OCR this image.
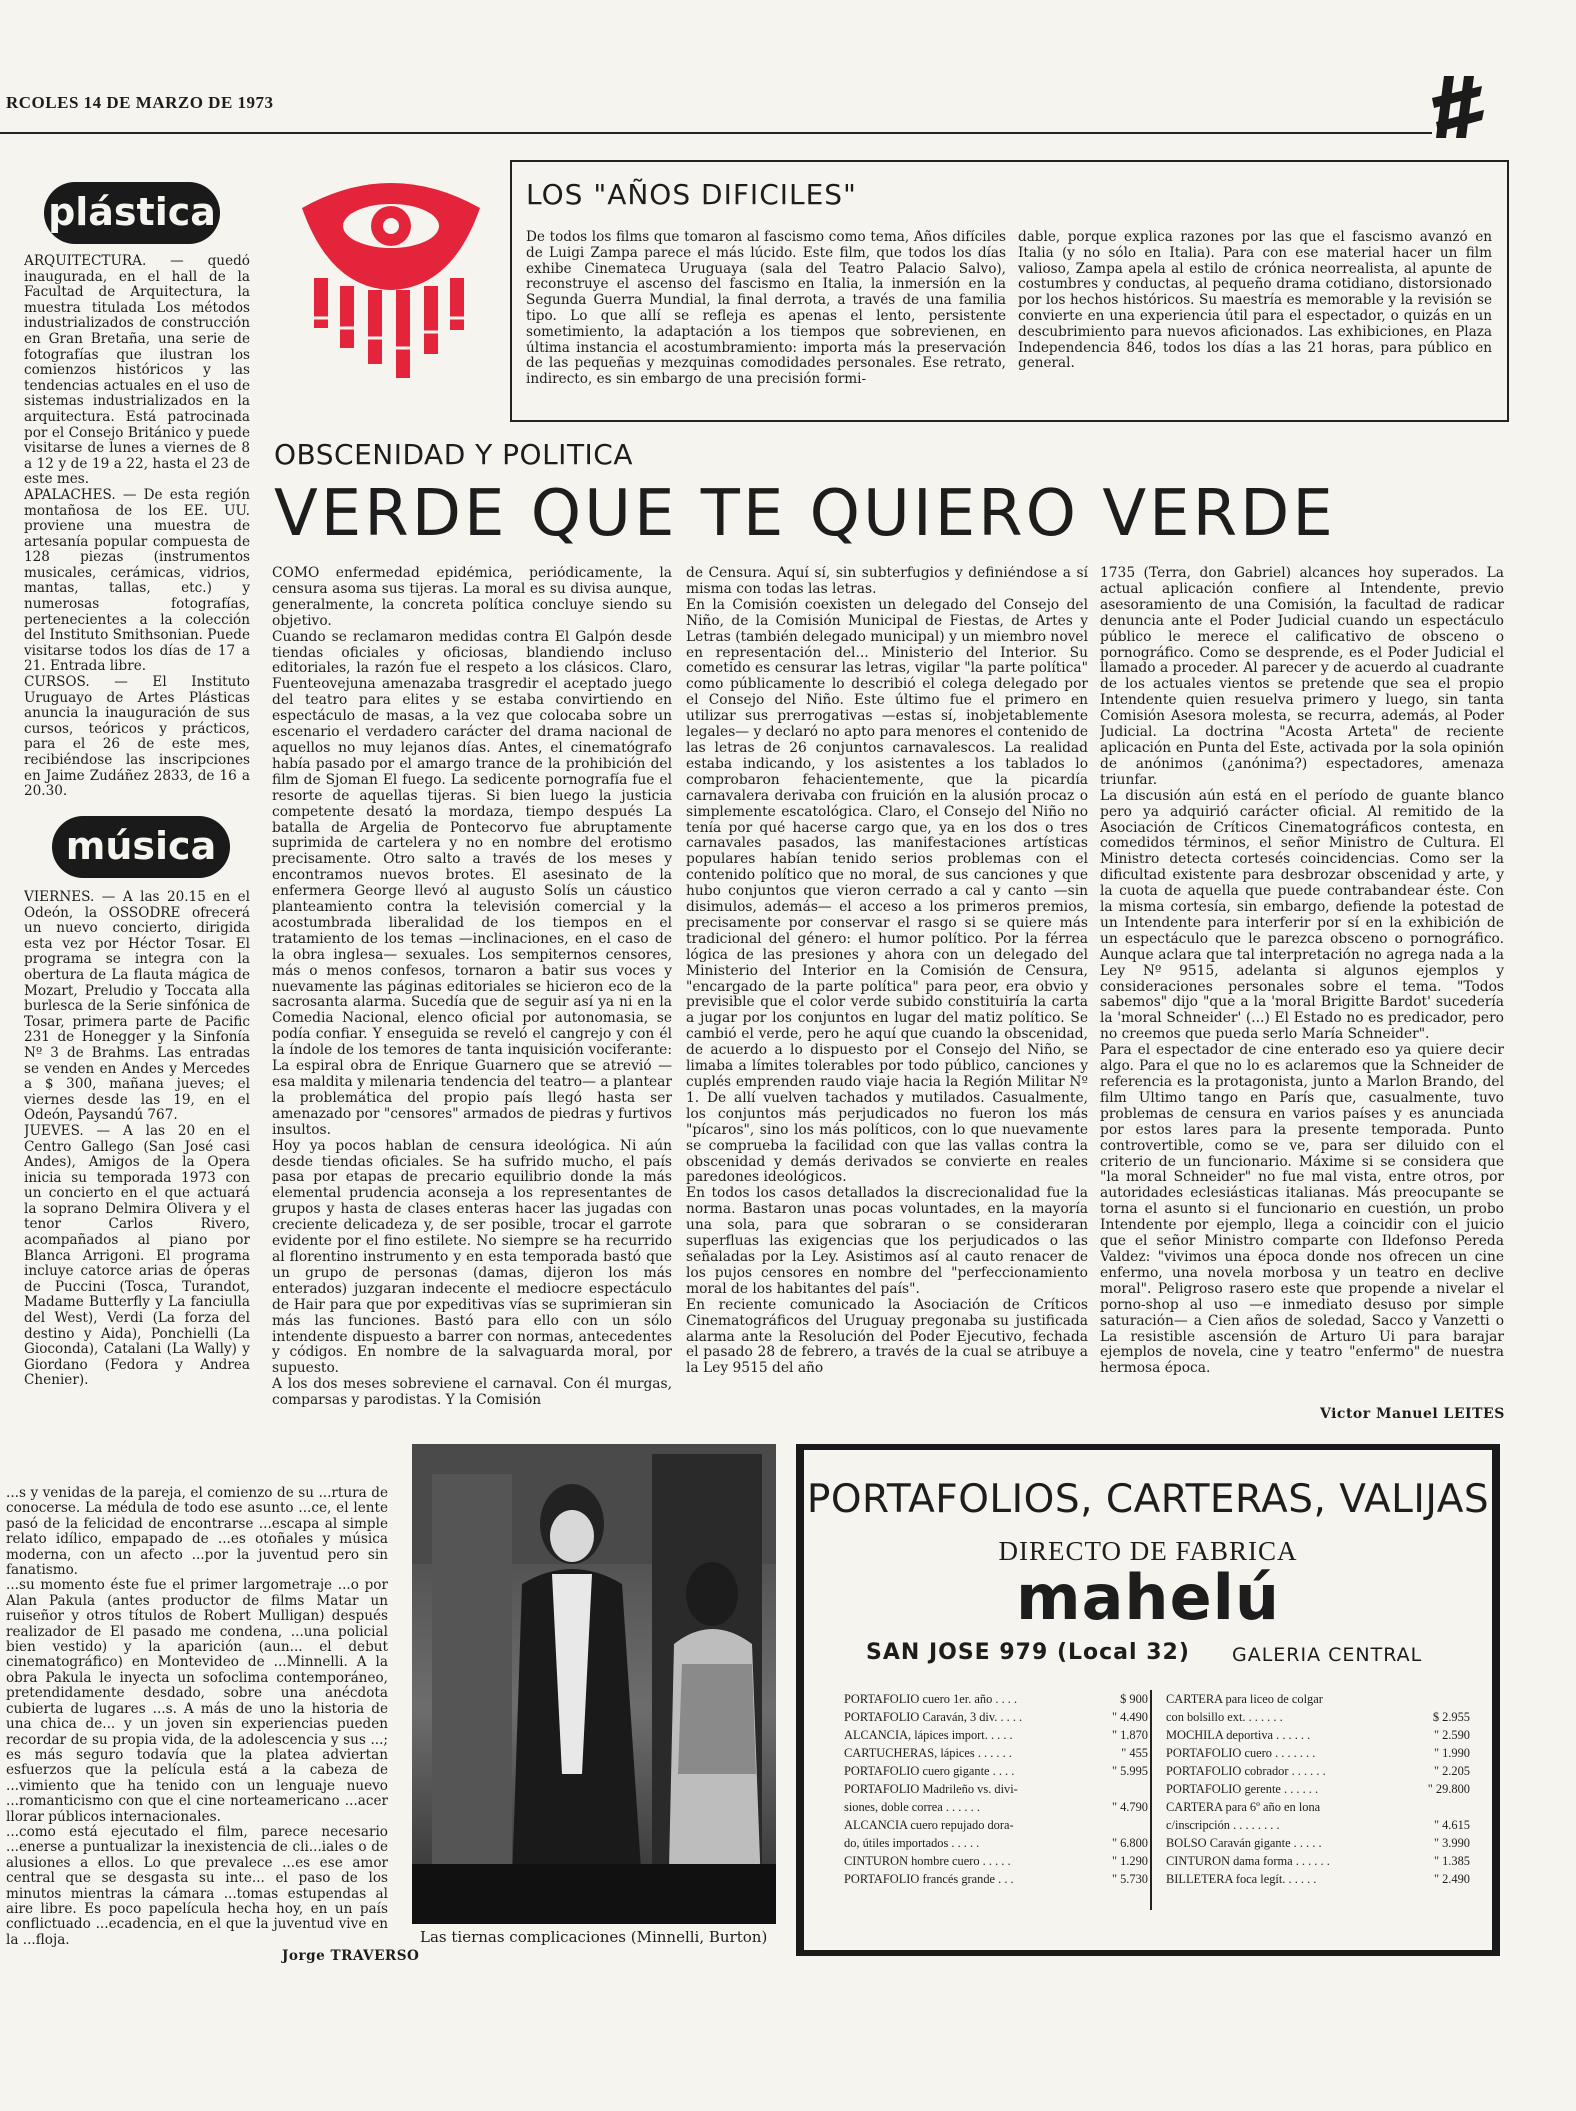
RCOLES 14 DE MARZO DE 1973
plástica
ARQUITECTURA. — quedó inaugurada, en el hall de la Facultad de Arquitectura, la muestra titulada Los métodos industrializados de construcción en Gran Bretaña, una serie de fotografías que ilustran los comienzos históricos y las tendencias actuales en el uso de sistemas industrializados en la arquitectura. Está patrocinada por el Consejo Británico y puede visitarse de lunes a viernes de 8 a 12 y de 19 a 22, hasta el 23 de este mes.
APALACHES. — De esta región montañosa de los EE. UU. proviene una muestra de artesanía popular compuesta de 128 piezas (instrumentos musicales, cerámicas, vidrios, mantas, tallas, etc.) y numerosas fotografías, pertenecientes a la colección del Instituto Smithsonian. Puede visitarse todos los días de 17 a 21. Entrada libre.
CURSOS. — El Instituto Uruguayo de Artes Plásticas anuncia la inauguración de sus cursos, teóricos y prácticos, para el 26 de este mes, recibiéndose las inscripciones en Jaime Zudáñez 2833, de 16 a 20.30.
música
VIERNES. — A las 20.15 en el Odeón, la OSSODRE ofrecerá un nuevo concierto, dirigida esta vez por Héctor Tosar. El programa se integra con la obertura de La flauta mágica de Mozart, Preludio y Toccata alla burlesca de la Serie sinfónica de Tosar, primera parte de Pacific 231 de Honegger y la Sinfonía Nº 3 de Brahms. Las entradas se venden en Andes y Mercedes a $ 300, mañana jueves; el viernes desde las 19, en el Odeón, Paysandú 767.
JUEVES. — A las 20 en el Centro Gallego (San José casi Andes), Amigos de la Opera inicia su temporada 1973 con un concierto en el que actuará la soprano Delmira Olivera y el tenor Carlos Rivero, acompañados al piano por Blanca Arrigoni. El programa incluye catorce arias de óperas de Puccini (Tosca, Turandot, Madame Butterfly y La fanciulla del West), Verdi (La forza del destino y Aida), Ponchielli (La Gioconda), Catalani (La Wally) y Giordano (Fedora y Andrea Chenier).
LOS "AÑOS DIFICILES"
De todos los films que tomaron al fascismo como tema, Años difíciles de Luigi Zampa parece el más lúcido. Este film, que todos los días exhibe Cinemateca Uruguaya (sala del Teatro Palacio Salvo), reconstruye el ascenso del fascismo en Italia, la inmersión en la Segunda Guerra Mundial, la final derrota, a través de una familia tipo. Lo que allí se refleja es apenas el lento, persistente sometimiento, la adaptación a los tiempos que sobrevienen, en última instancia el acostumbramiento: importa más la preservación de las pequeñas y mezquinas comodidades personales. Ese retrato, indirecto, es sin embargo de una precisión formi-
dable, porque explica razones por las que el fascismo avanzó en Italia (y no sólo en Italia). Para con ese material hacer un film valioso, Zampa apela al estilo de crónica neorrealista, al apunte de costumbres y conductas, al pequeño drama cotidiano, distorsionado por los hechos históricos. Su maestría es memorable y la revisión se convierte en una experiencia útil para el espectador, o quizás en un descubrimiento para nuevos aficionados. Las exhibiciones, en Plaza Independencia 846, todos los días a las 21 horas, para público en general.
OBSCENIDAD Y POLITICA
VERDE QUE TE QUIERO VERDE
COMO enfermedad epidémica, periódicamente, la censura asoma sus tijeras. La moral es su divisa aunque, generalmente, la concreta política concluye siendo su objetivo.
Cuando se reclamaron medidas contra El Galpón desde tiendas oficiales y oficiosas, blandiendo incluso editoriales, la razón fue el respeto a los clásicos. Claro, Fuenteovejuna amenazaba trasgredir el aceptado juego del teatro para elites y se estaba convirtiendo en espectáculo de masas, a la vez que colocaba sobre un escenario el verdadero carácter del drama nacional de aquellos no muy lejanos días. Antes, el cinematógrafo había pasado por el amargo trance de la prohibición del film de Sjoman El fuego. La sedicente pornografía fue el resorte de aquellas tijeras. Si bien luego la justicia competente desató la mordaza, tiempo después La batalla de Argelia de Pontecorvo fue abruptamente suprimida de cartelera y no en nombre del erotismo precisamente. Otro salto a través de los meses y encontramos nuevos brotes. El asesinato de la enfermera George llevó al augusto Solís un cáustico planteamiento contra la televisión comercial y la acostumbrada liberalidad de los tiempos en el tratamiento de los temas —inclinaciones, en el caso de la obra inglesa— sexuales. Los sempiternos censores, más o menos confesos, tornaron a batir sus voces y nuevamente las páginas editoriales se hicieron eco de la sacrosanta alarma. Sucedía que de seguir así ya ni en la Comedia Nacional, elenco oficial por autonomasia, se podía confiar. Y enseguida se reveló el cangrejo y con él la índole de los temores de tanta inquisición vociferante: La espiral obra de Enrique Guarnero que se atrevió —esa maldita y milenaria tendencia del teatro— a plantear la problemática del propio país llegó hasta ser amenazado por "censores" armados de piedras y furtivos insultos.
Hoy ya pocos hablan de censura ideológica. Ni aún desde tiendas oficiales. Se ha sufrido mucho, el país pasa por etapas de precario equilibrio donde la más elemental prudencia aconseja a los representantes de grupos y hasta de clases enteras hacer las jugadas con creciente delicadeza y, de ser posible, trocar el garrote evidente por el fino estilete. No siempre se ha recurrido al florentino instrumento y en esta temporada bastó que un grupo de personas (damas, dijeron los más enterados) juzgaran indecente el mediocre espectáculo de Hair para que por expeditivas vías se suprimieran sin más las funciones. Bastó para ello con un sólo intendente dispuesto a barrer con normas, antecedentes y códigos. En nombre de la salvaguarda moral, por supuesto.
A los dos meses sobreviene el carnaval. Con él murgas, comparsas y parodistas. Y la Comisión
de Censura. Aquí sí, sin subterfugios y definiéndose a sí misma con todas las letras.
En la Comisión coexisten un delegado del Consejo del Niño, de la Comisión Municipal de Fiestas, de Artes y Letras (también delegado municipal) y un miembro novel en representación del... Ministerio del Interior. Su cometido es censurar las letras, vigilar "la parte política" como públicamente lo describió el colega delegado por el Consejo del Niño. Este último fue el primero en utilizar sus prerrogativas —estas sí, inobjetablemente legales— y declaró no apto para menores el contenido de las letras de 26 conjuntos carnavalescos. La realidad estaba indicando, y los asistentes a los tablados lo comprobaron fehacientemente, que la picardía carnavalera derivaba con fruición en la alusión procaz o simplemente escatológica. Claro, el Consejo del Niño no tenía por qué hacerse cargo que, ya en los dos o tres carnavales pasados, las manifestaciones artísticas populares habían tenido serios problemas con el contenido político que no moral, de sus canciones y que hubo conjuntos que vieron cerrado a cal y canto —sin disimulos, además— el acceso a los primeros premios, precisamente por conservar el rasgo si se quiere más tradicional del género: el humor político. Por la férrea lógica de las presiones y ahora con un delegado del Ministerio del Interior en la Comisión de Censura, "encargado de la parte política" para peor, era obvio y previsible que el color verde subido constituiría la carta a jugar por los conjuntos en lugar del matiz político. Se cambió el verde, pero he aquí que cuando la obscenidad, de acuerdo a lo dispuesto por el Consejo del Niño, se limaba a límites tolerables por todo público, canciones y cuplés emprenden raudo viaje hacia la Región Militar Nº 1. De allí vuelven tachados y mutilados. Casualmente, los conjuntos más perjudicados no fueron los más "pícaros", sino los más políticos, con lo que nuevamente se comprueba la facilidad con que las vallas contra la obscenidad y demás derivados se convierte en reales paredones ideológicos.
En todos los casos detallados la discrecionalidad fue la norma. Bastaron unas pocas voluntades, en la mayoría una sola, para que sobraran o se consideraran superfluas las exigencias que los perjudicados o las señaladas por la Ley. Asistimos así al cauto renacer de los pujos censores en nombre del "perfeccionamiento moral de los habitantes del país".
En reciente comunicado la Asociación de Críticos Cinematográficos del Uruguay pregonaba su justificada alarma ante la Resolución del Poder Ejecutivo, fechada el pasado 28 de febrero, a través de la cual se atribuye a la Ley 9515 del año
1735 (Terra, don Gabriel) alcances hoy superados. La actual aplicación confiere al Intendente, previo asesoramiento de una Comisión, la facultad de radicar denuncia ante el Poder Judicial cuando un espectáculo público le merece el calificativo de obsceno o pornográfico. Como se desprende, es el Poder Judicial el llamado a proceder. Al parecer y de acuerdo al cuadrante de los actuales vientos se pretende que sea el propio Intendente quien resuelva primero y luego, sin tanta Comisión Asesora molesta, se recurra, además, al Poder Judicial. La doctrina "Acosta Arteta" de reciente aplicación en Punta del Este, activada por la sola opinión de anónimos (¿anónima?) espectadores, amenaza triunfar.
La discusión aún está en el período de guante blanco pero ya adquirió carácter oficial. Al remitido de la Asociación de Críticos Cinematográficos contesta, en comedidos términos, el señor Ministro de Cultura. El Ministro detecta cortesés coincidencias. Como ser la dificultad existente para desbrozar obscenidad y arte, y la cuota de aquella que puede contrabandear éste. Con la misma cortesía, sin embargo, defiende la potestad de un Intendente para interferir por sí en la exhibición de un espectáculo que le parezca obsceno o pornográfico. Aunque aclara que tal interpretación no agrega nada a la Ley Nº 9515, adelanta si algunos ejemplos y consideraciones personales sobre el tema. "Todos sabemos" dijo "que a la 'moral Brigitte Bardot' sucedería la 'moral Schneider' (...) El Estado no es predicador, pero no creemos que pueda serlo María Schneider".
Para el espectador de cine enterado eso ya quiere decir algo. Para el que no lo es aclaremos que la Schneider de referencia es la protagonista, junto a Marlon Brando, del film Ultimo tango en París que, casualmente, tuvo problemas de censura en varios países y es anunciada por estos lares para la presente temporada. Punto controvertible, como se ve, para ser diluido con el criterio de un funcionario. Máxime si se considera que "la moral Schneider" no fue mal vista, entre otros, por autoridades eclesiásticas italianas. Más preocupante se torna el asunto si el funcionario en cuestión, un probo Intendente por ejemplo, llega a coincidir con el juicio que el señor Ministro comparte con Ildefonso Pereda Valdez: "vivimos una época donde nos ofrecen un cine enfermo, una novela morbosa y un teatro en declive moral". Peligroso rasero este que propende a nivelar el porno-shop al uso —e inmediato desuso por simple saturación— a Cien años de soledad, Sacco y Vanzetti o La resistible ascensión de Arturo Ui para barajar ejemplos de novela, cine y teatro "enfermo" de nuestra hermosa época.
Victor Manuel LEITES
...s y venidas de la pareja, el comienzo de su ...rtura de conocerse. La médula de todo ese asunto ...ce, el lente pasó de la felicidad de encontrarse ...escapa al simple relato idílico, empapado de ...es otoñales y música moderna, con un afecto ...por la juventud pero sin fanatismo.
...su momento éste fue el primer largometraje ...o por Alan Pakula (antes productor de films Matar un ruiseñor y otros títulos de Robert Mulligan) después realizador de El pasado me condena, ...una policial bien vestido) y la aparición (aun... el debut cinematográfico) en Montevideo de ...Minnelli. A la obra Pakula le inyecta un sofoclima contemporáneo, pretendidamente desdado, sobre una anécdota cubierta de lugares ...s. A más de uno la historia de una chica de... y un joven sin experiencias pueden recordar de su propia vida, de la adolescencia y sus ...; es más seguro todavía que la platea adviertan esfuerzos que la película está a la cabeza de ...vimiento que ha tenido con un lenguaje nuevo ...romanticismo con que el cine norteamericano ...acer llorar públicos internacionales.
...como está ejecutado el film, parece necesario ...enerse a puntualizar la inexistencia de cli...iales o de alusiones a ellos. Lo que prevalece ...es ese amor central que se desgasta su inte... el paso de los minutos mientras la cámara ...tomas estupendas al aire libre. Es poco papelícula hecha hoy, en un país conflictuado ...ecadencia, en el que la juventud vive en la ...floja.
Jorge TRAVERSO
Las tiernas complicaciones (Minnelli, Burton)
PORTAFOLIOS, CARTERAS, VALIJAS
DIRECTO DE FABRICA
mahelú
SAN JOSE 979 (Local 32) GALERIA CENTRAL
PORTAFOLIO cuero 1er. año . . . .	$ 900
PORTAFOLIO Caraván, 3 div. . . . .	" 4.490
ALCANCIA, lápices import. . . . .	" 1.870
CARTUCHERAS, lápices . . . . . .	" 455
PORTAFOLIO cuero gigante . . . .	" 5.995
PORTAFOLIO Madrileño vs. divi-	
siones, doble correa . . . . . .	" 4.790
ALCANCIA cuero repujado dora-	
do, útiles importados . . . . .	" 6.800
CINTURON hombre cuero . . . . .	" 1.290
PORTAFOLIO francés grande . . .	" 5.730
CARTERA para liceo de colgar	
con bolsillo ext. . . . . . .	$ 2.955
MOCHILA deportiva . . . . . .	" 2.590
PORTAFOLIO cuero . . . . . . .	" 1.990
PORTAFOLIO cobrador . . . . . .	" 2.205
PORTAFOLIO gerente . . . . . .	" 29.800
CARTERA para 6º año en lona	
c/inscripción . . . . . . . .	" 4.615
BOLSO Caraván gigante . . . . .	" 3.990
CINTURON dama forma . . . . . .	" 1.385
BILLETERA foca legít. . . . . .	" 2.490
